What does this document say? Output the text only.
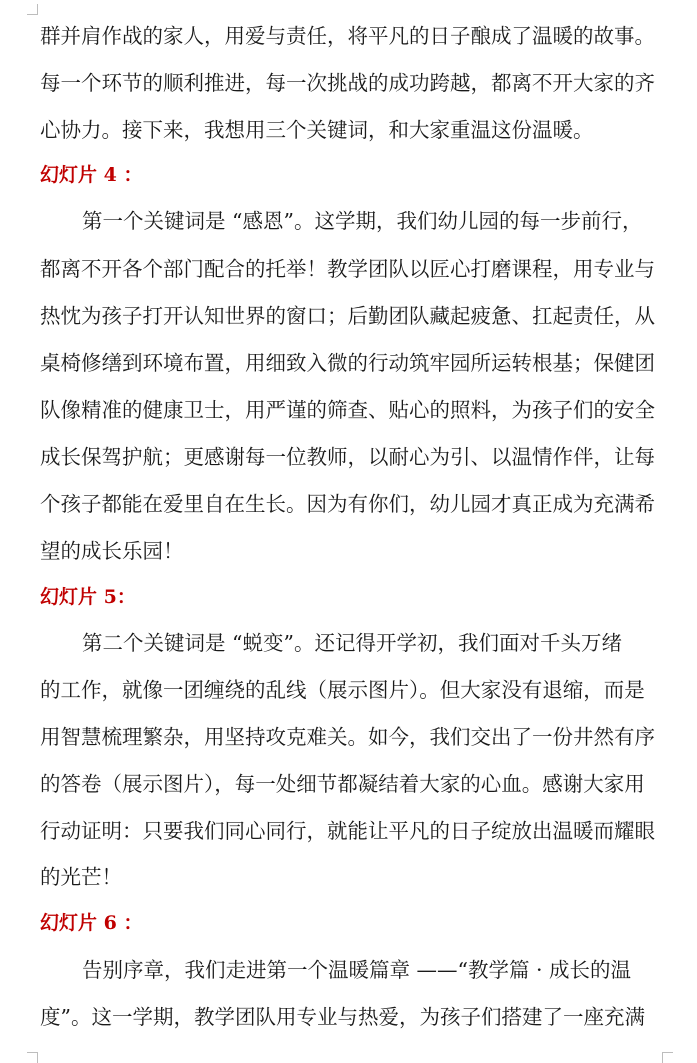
群并肩作战的家人，用爱与责任，将平凡的日子酿成了温暖的故事。
每一个环节的顺利推进，每一次挑战的成功跨越，都离不开大家的齐
心协力。接下来，我想用三个关键词，和大家重温这份温暖。
幻灯片 4 ：
第一个关键词是 “感恩”。这学期，我们幼儿园的每一步前行，
都离不开各个部门配合的托举！教学团队以匠心打磨课程，用专业与
热忱为孩子打开认知世界的窗口；后勤团队藏起疲惫、扛起责任，从
桌椅修缮到环境布置，用细致入微的行动筑牢园所运转根基；保健团
队像精准的健康卫士，用严谨的筛查、贴心的照料，为孩子们的安全
成长保驾护航；更感谢每一位教师，以耐心为引、以温情作伴，让每
个孩子都能在爱里自在生长。因为有你们，幼儿园才真正成为充满希
望的成长乐园！
幻灯片 5：
第二个关键词是 “蜕变”。还记得开学初，我们面对千头万绪
的工作，就像一团缠绕的乱线（展示图片）。但大家没有退缩，而是
用智慧梳理繁杂，用坚持攻克难关。如今，我们交出了一份井然有序
的答卷（展示图片），每一处细节都凝结着大家的心血。感谢大家用
行动证明：只要我们同心同行，就能让平凡的日子绽放出温暖而耀眼
的光芒！
幻灯片 6 ：
告别序章，我们走进第一个温暖篇章 ——“教学篇 · 成长的温
度”。这一学期，教学团队用专业与热爱，为孩子们搭建了一座充满
